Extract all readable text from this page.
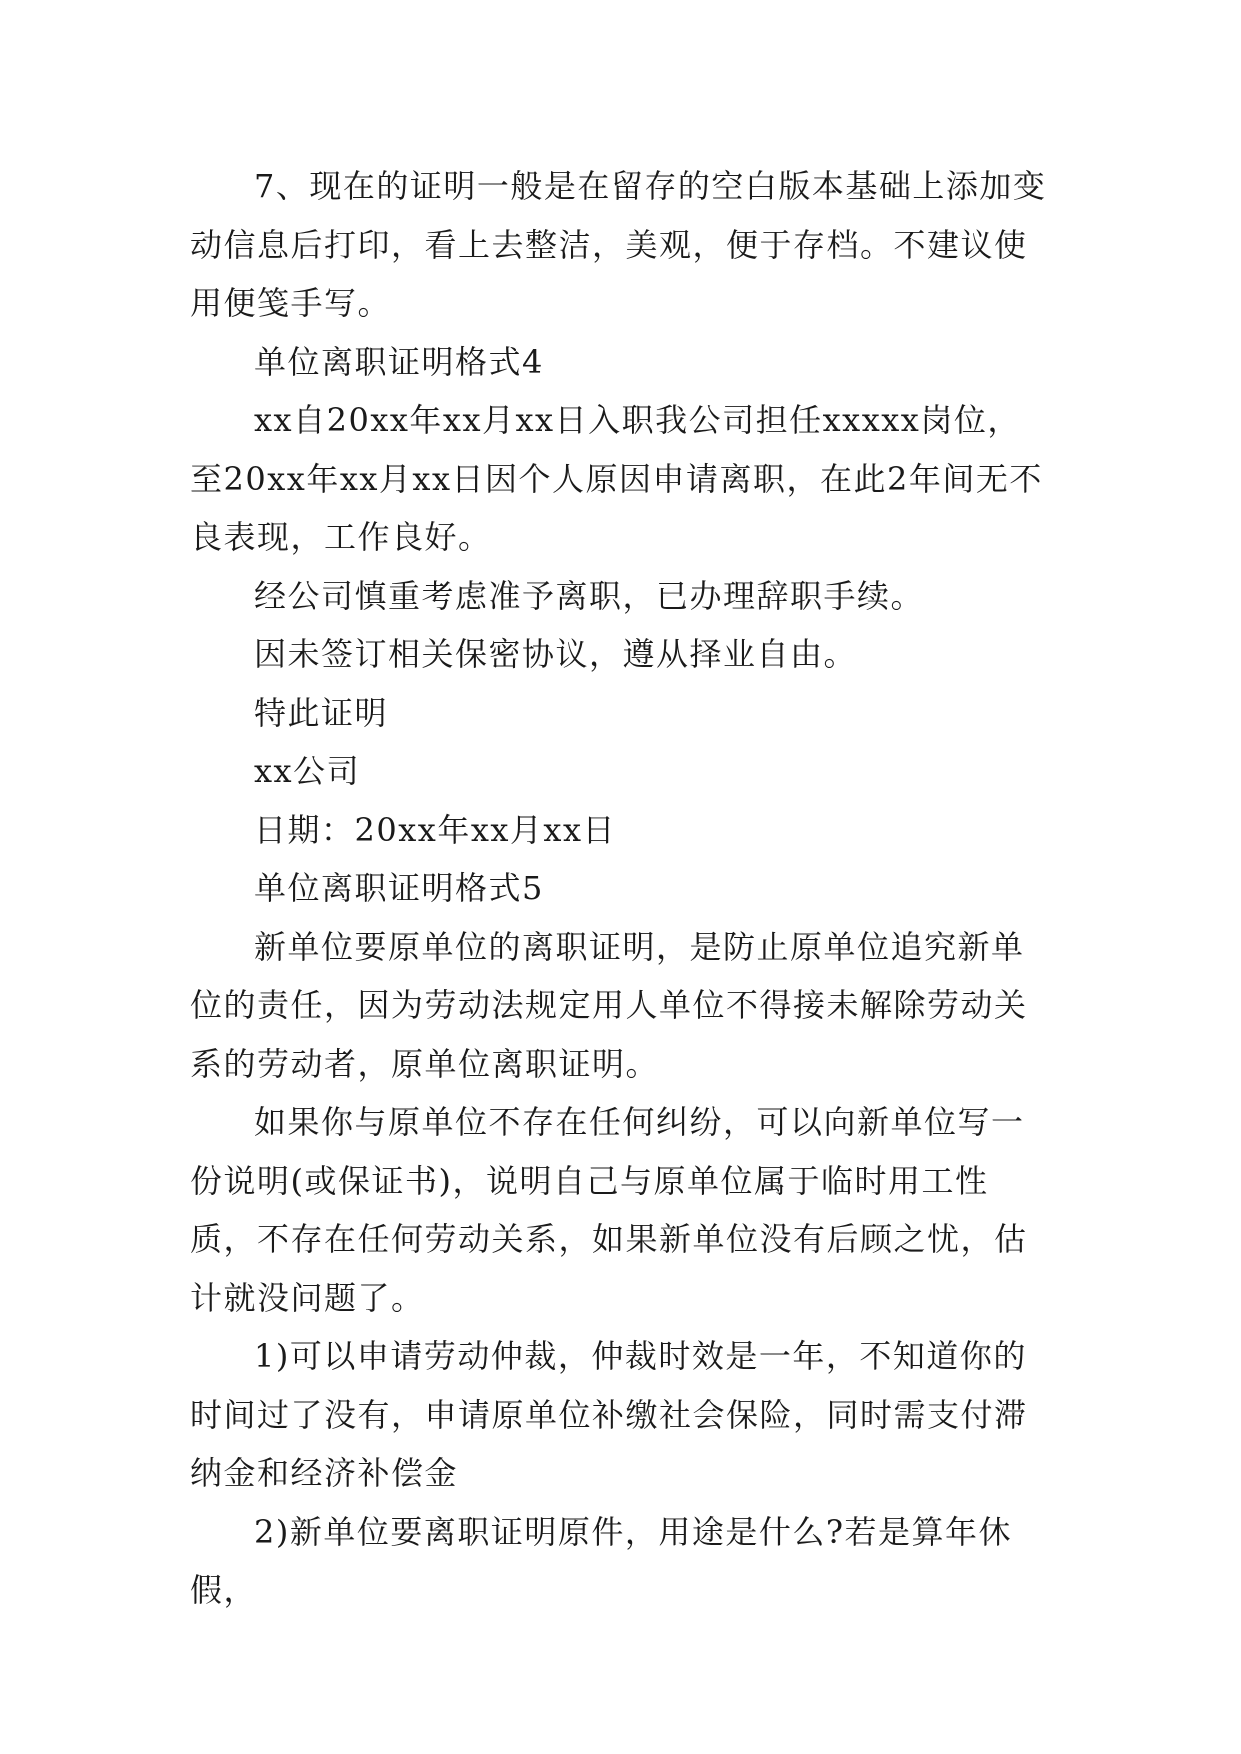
7、现在的证明一般是在留存的空白版本基础上添加变动信息后打印，看上去整洁，美观，便于存档。不建议使用便笺手写。

单位离职证明格式4

xx自20xx年xx月xx日入职我公司担任xxxxx岗位，至20xx年xx月xx日因个人原因申请离职，在此2年间无不良表现，工作良好。

经公司慎重考虑准予离职，已办理辞职手续。

因未签订相关保密协议，遵从择业自由。

特此证明

xx公司

日期：20xx年xx月xx日

单位离职证明格式5

新单位要原单位的离职证明，是防止原单位追究新单位的责任，因为劳动法规定用人单位不得接未解除劳动关系的劳动者，原单位离职证明。

如果你与原单位不存在任何纠纷，可以向新单位写一份说明(或保证书)，说明自己与原单位属于临时用工性质，不存在任何劳动关系，如果新单位没有后顾之忧，估计就没问题了。

1)可以申请劳动仲裁，仲裁时效是一年，不知道你的时间过了没有，申请原单位补缴社会保险，同时需支付滞纳金和经济补偿金

2)新单位要离职证明原件，用途是什么?若是算年休假，
